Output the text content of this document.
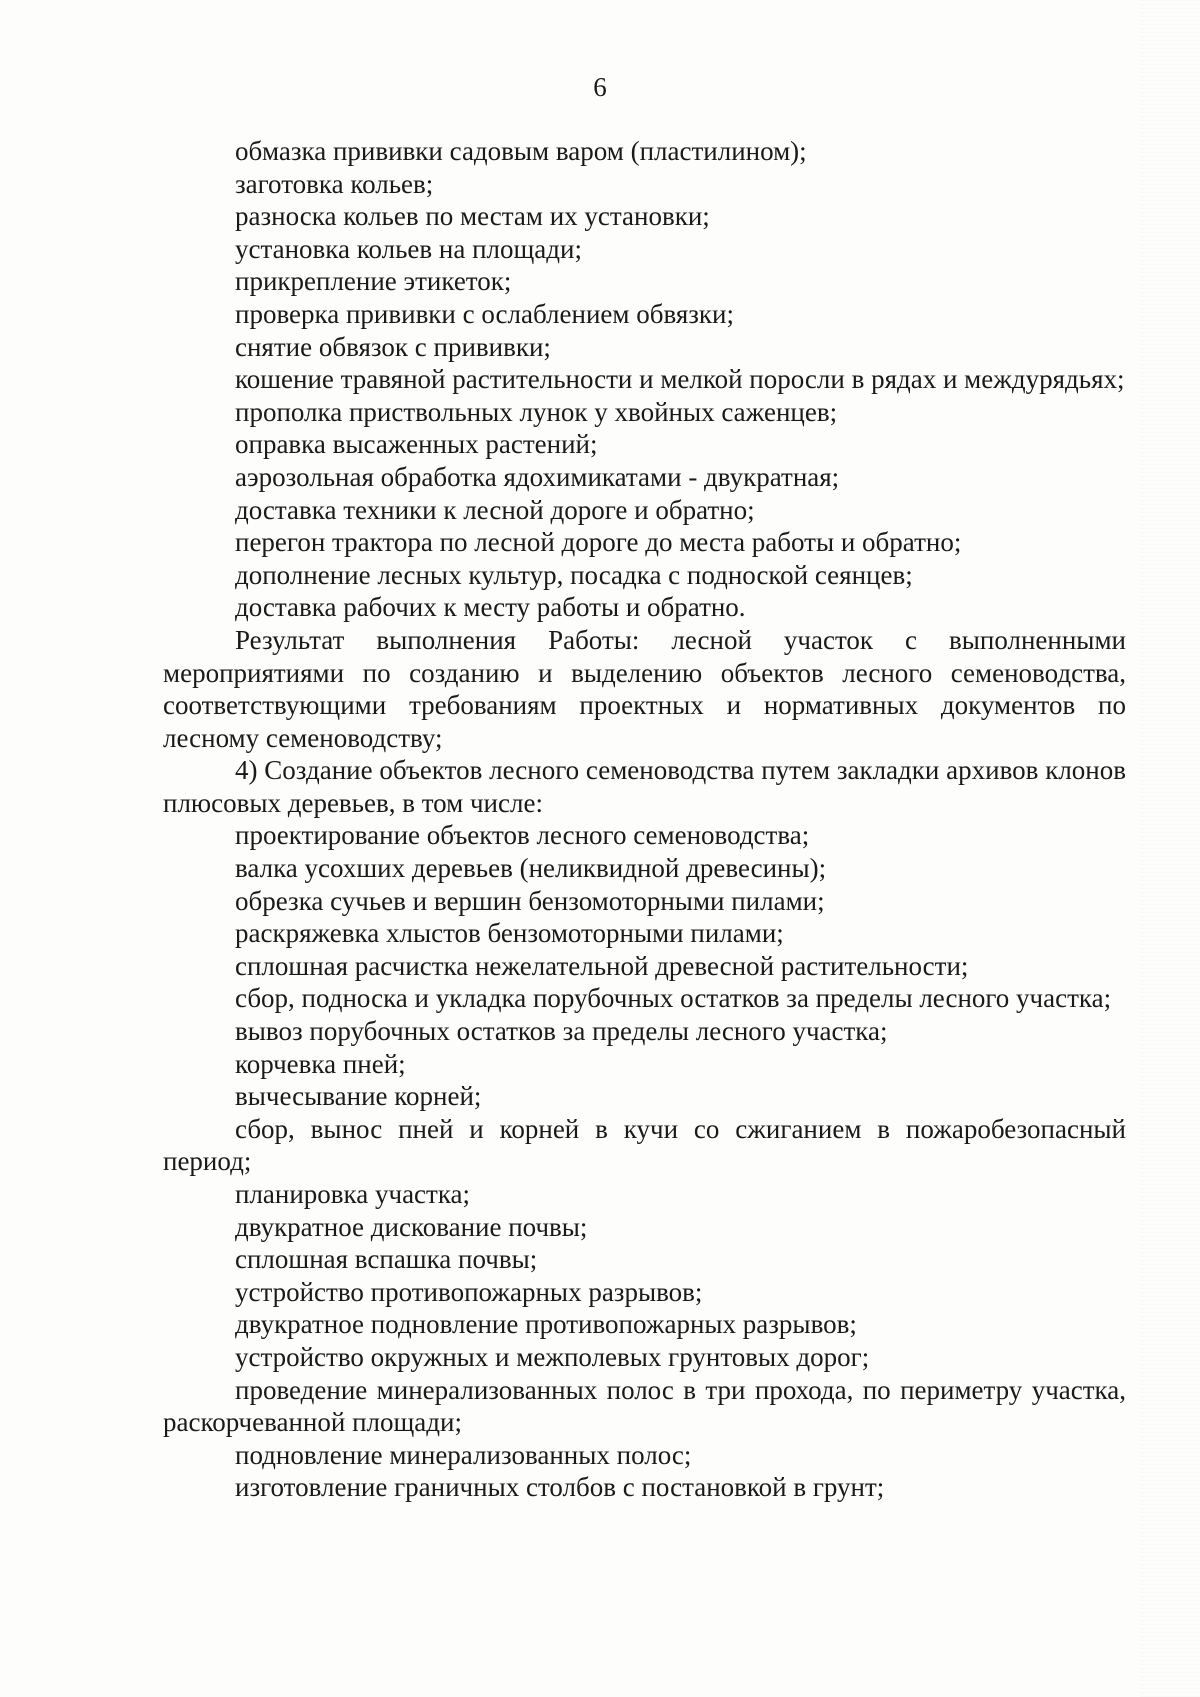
6

обмазка прививки садовым варом (пластилином);

заготовка кольев;

разноска кольев по местам их установки;

установка кольев на площади;

прикрепление этикеток;

проверка прививки с ослаблением обвязки;

снятие обвязок с прививки;

кошение травяной растительности и мелкой поросли в рядах и междурядьях;

прополка приствольных лунок у хвойных саженцев;

оправка высаженных растений;

аэрозольная обработка ядохимикатами - двукратная;

доставка техники к лесной дороге и обратно;

перегон трактора по лесной дороге до места работы и обратно;

дополнение лесных культур, посадка с подноской сеянцев;

доставка рабочих к месту работы и обратно.

Результат выполнения Работы: лесной участок с выполненными мероприятиями по созданию и выделению объектов лесного семеноводства, соответствующими требованиям проектных и нормативных документов по лесному семеноводству;

4) Создание объектов лесного семеноводства путем закладки архивов клонов плюсовых деревьев, в том числе:

проектирование объектов лесного семеноводства;

валка усохших деревьев (неликвидной древесины);

обрезка сучьев и вершин бензомоторными пилами;

раскряжевка хлыстов бензомоторными пилами;

сплошная расчистка нежелательной древесной растительности;

сбор, подноска и укладка порубочных остатков за пределы лесного участка;

вывоз порубочных остатков за пределы лесного участка;

корчевка пней;

вычесывание корней;

сбор, вынос пней и корней в кучи со сжиганием в пожаробезопасный период;

планировка участка;

двукратное дискование почвы;

сплошная вспашка почвы;

устройство противопожарных разрывов;

двукратное подновление противопожарных разрывов;

устройство окружных и межполевых грунтовых дорог;

проведение минерализованных полос в три прохода, по периметру участка, раскорчеванной площади;

подновление минерализованных полос;

изготовление граничных столбов с постановкой в грунт;
